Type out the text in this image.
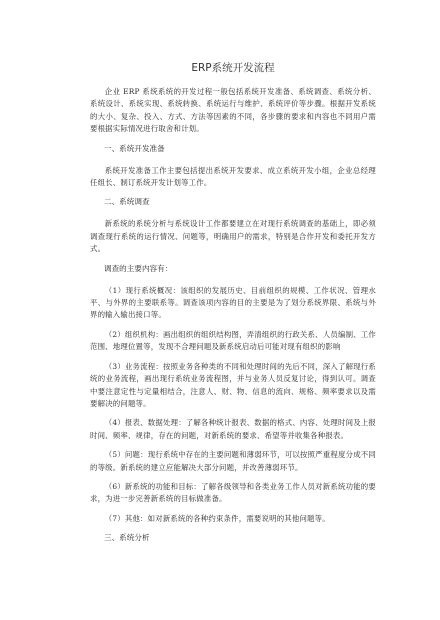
ERP系统开发流程

企业 ERP 系统系统的开发过程一般包括系统开发准备、系统调查、系统分析、系统设计、系统实现、系统转换、系统运行与维护、系统评价等步骤。根据开发系统的大小、复杂、投入、方式、方法等因素的不同，各步骤的要求和内容也不同用户需要根据实际情况进行取舍和计划。

一、系统开发准备

系统开发准备工作主要包括提出系统开发要求、成立系统开发小组，企业总经理任组长、制订系统开发计划等工作。

二、系统调查

新系统的系统分析与系统设计工作都要建立在对现行系统调查的基础上，即必须调查现行系统的运行情况、问题等，明确用户的需求，特别是合作开发和委托开发方式。

调查的主要内容有：

（1）现行系统概况：该组织的发展历史、目前组织的规模、工作状况、管理水平、与外界的主要联系等。调查该项内容的目的主要是为了划分系统界限、系统与外界的输入输出接口等。

（2）组织机构：画出组织的组织结构图，弄清组织的行政关系、人员编制、工作范围、地理位置等，发现不合理问题及新系统启动后可能对现有组织的影响

（3）业务流程：按照业务各种类的不同和处理时间的先后不同，深入了解现行系统的业务流程，画出现行系统业务流程图，并与业务人员反复讨论，得到认可。调查中要注意定性与定量相结合，注意人、财、物、信息的流向、规格、频率要求以及需要解决的问题等。

（4）报表、数据处理：了解各种统计报表、数据的格式、内容、处理时间及上报时间、频率、规律，存在的问题，对新系统的要求、希望等并收集各种报表。

（5）问题：现行系统中存在的主要问题和薄弱环节，可以按照严重程度分成不同的等级。新系统的建立应能解决大部分问题，并改善薄弱环节。

（6）新系统的功能和目标：了解各级领导和各类业务工作人员对新系统功能的要求，为进一步完善新系统的目标做准备。

（7）其他：如对新系统的各种约束条件，需要说明的其他问题等。

三、系统分析
